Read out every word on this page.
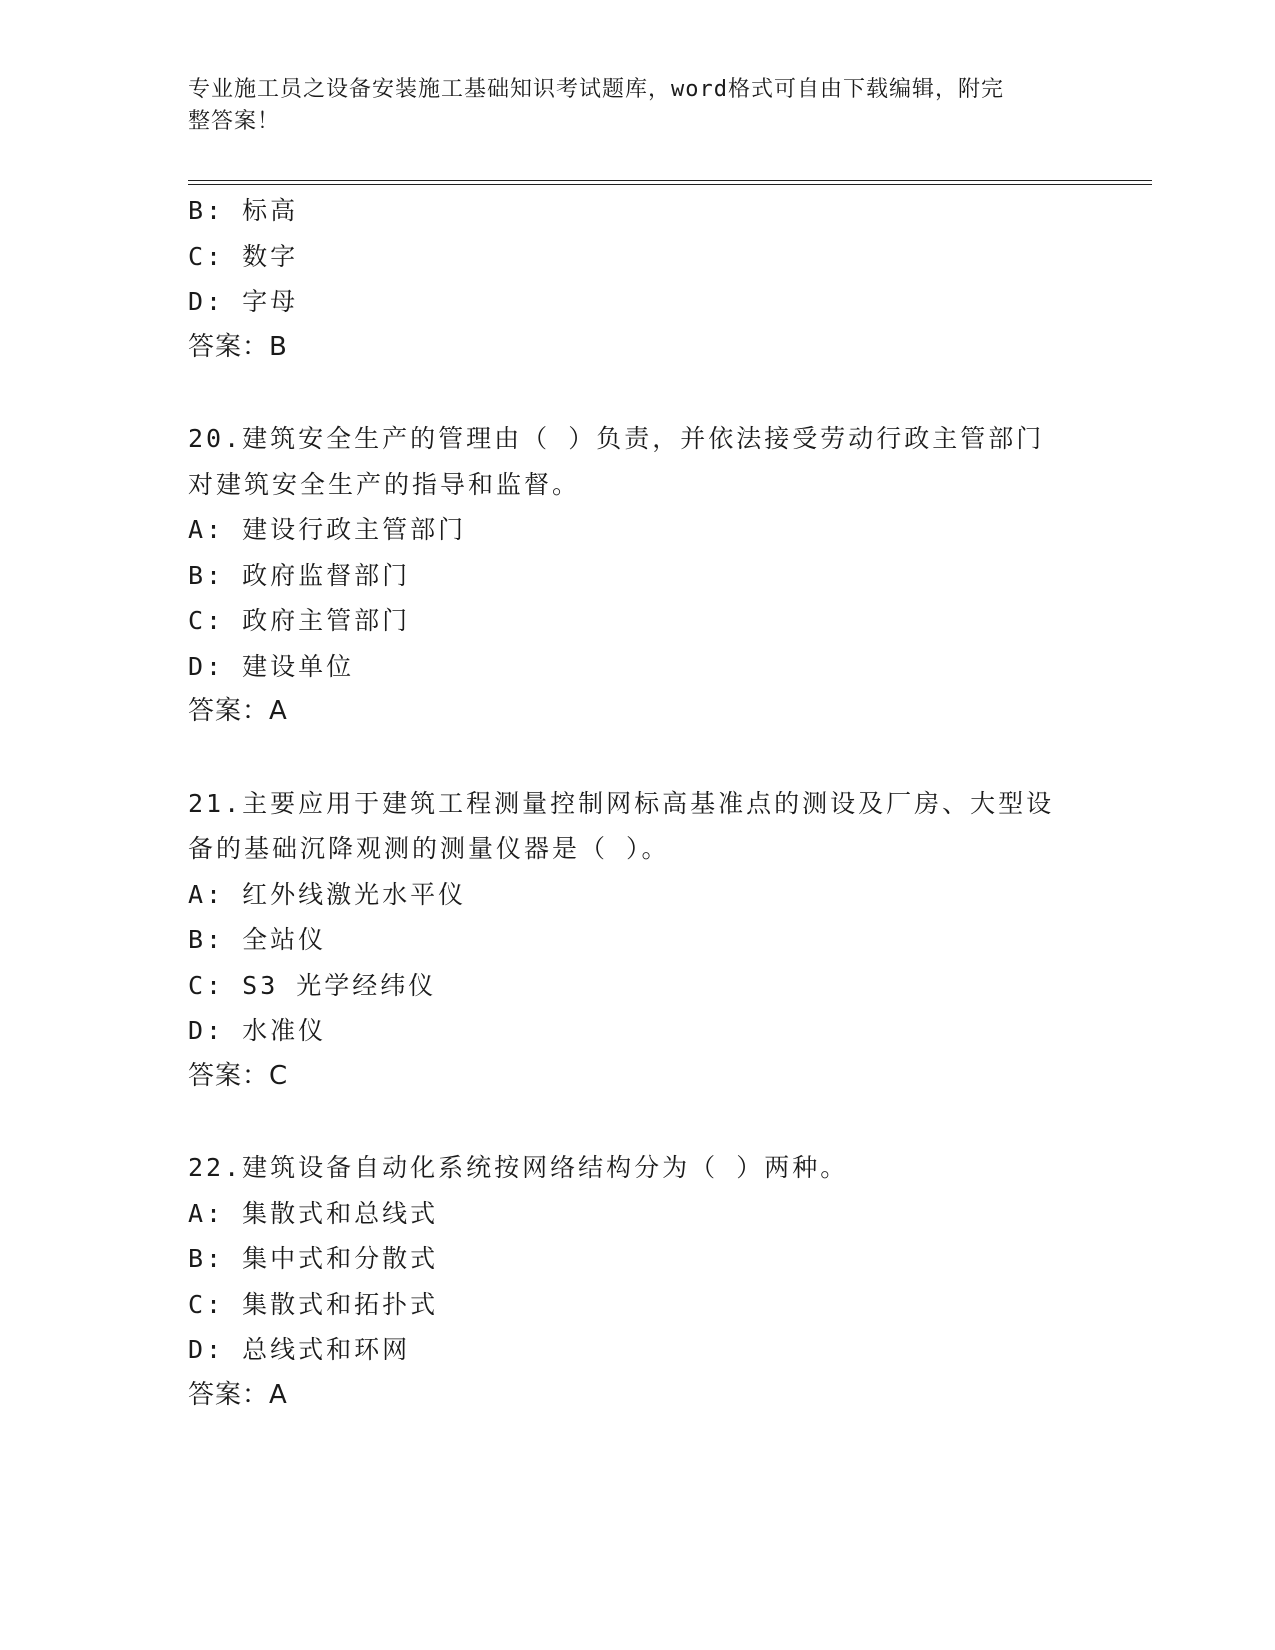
专业施工员之设备安装施工基础知识考试题库，word格式可自由下载编辑，附完
整答案！
B: 标高
C: 数字
D: 字母
答案：B
20.建筑安全生产的管理由（ ）负责，并依法接受劳动行政主管部门
对建筑安全生产的指导和监督。
A: 建设行政主管部门
B: 政府监督部门
C: 政府主管部门
D: 建设单位
答案：A
21.主要应用于建筑工程测量控制网标高基准点的测设及厂房、大型设
备的基础沉降观测的测量仪器是（ ）。
A: 红外线激光水平仪
B: 全站仪
C: S3 光学经纬仪
D: 水准仪
答案：C
22.建筑设备自动化系统按网络结构分为（ ）两种。
A: 集散式和总线式
B: 集中式和分散式
C: 集散式和拓扑式
D: 总线式和环网
答案：A
